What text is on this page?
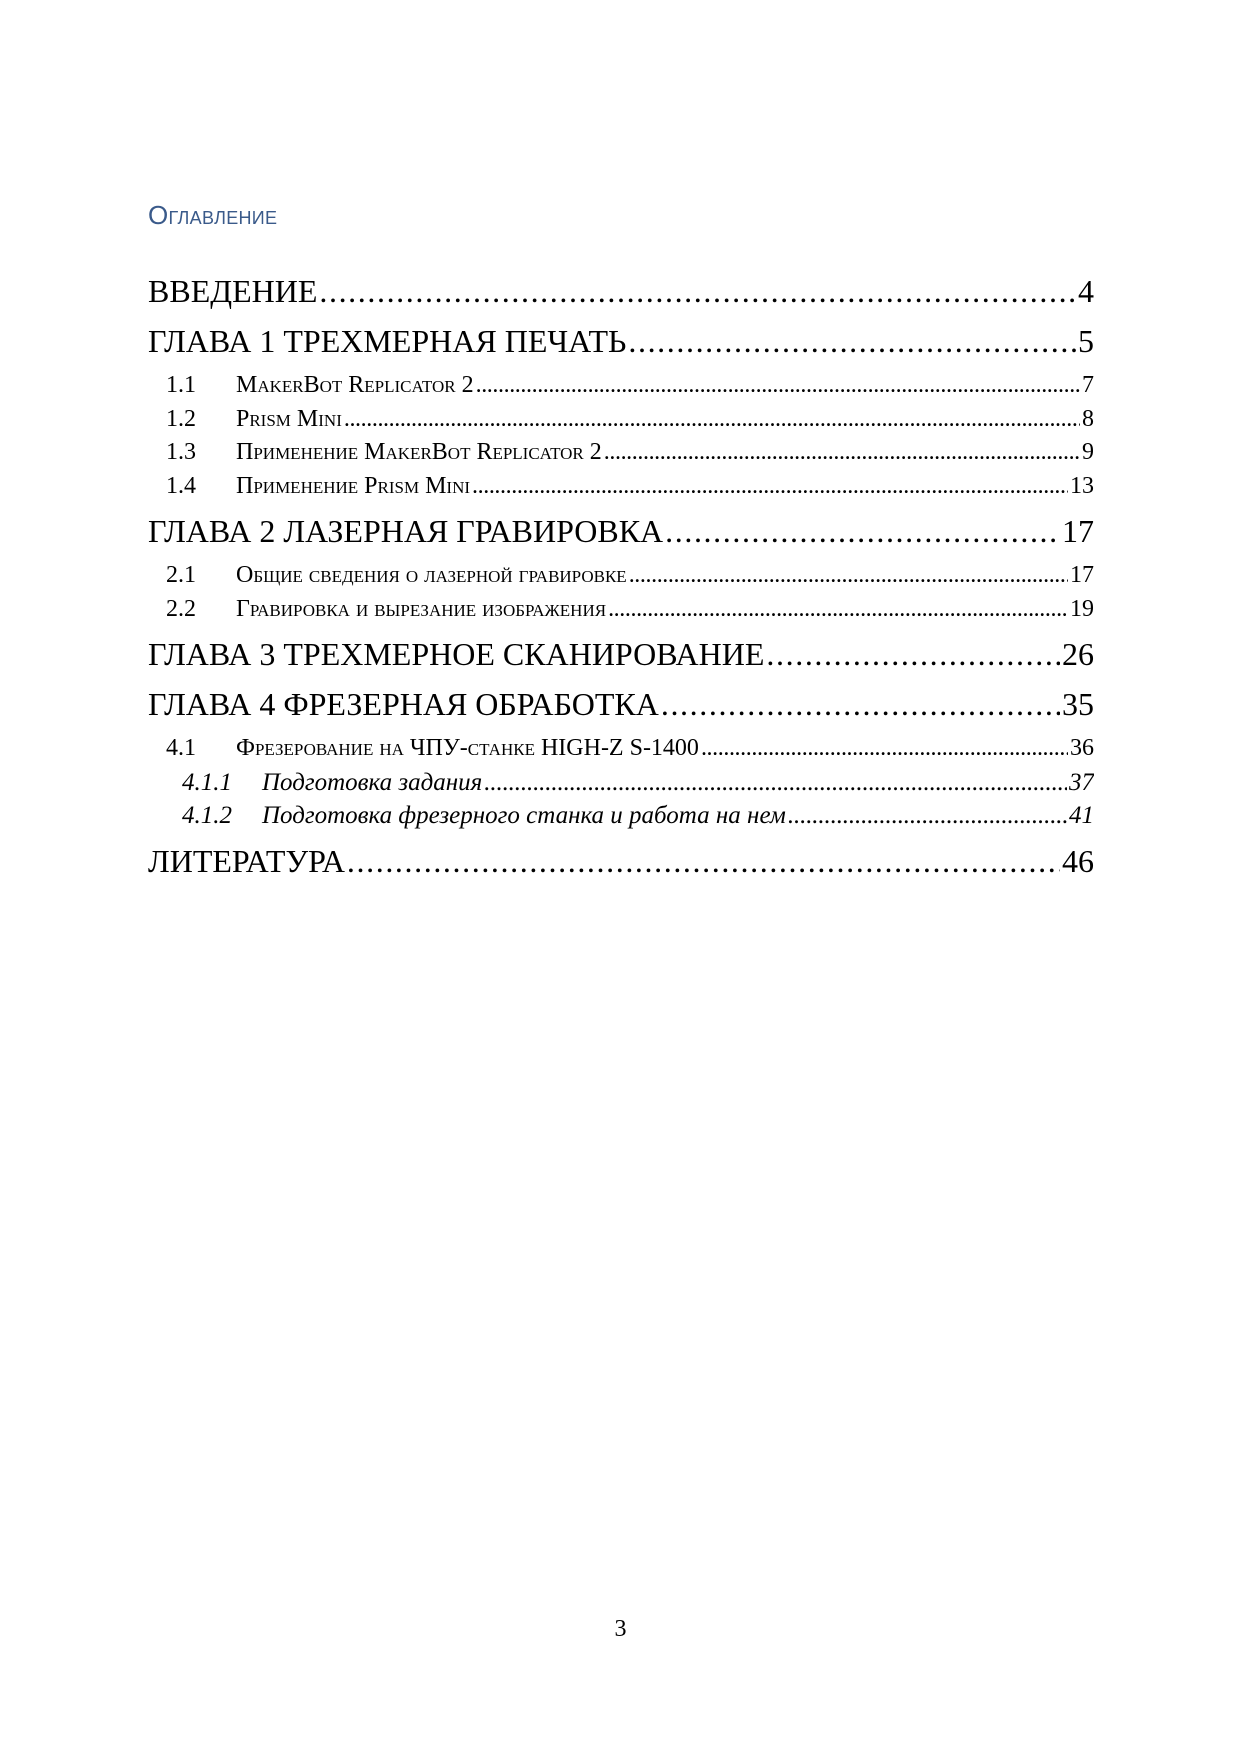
Оглавление
ВВЕДЕНИЕ . . .	4
ГЛАВА 1 ТРЕХМЕРНАЯ ПЕЧАТЬ . . .	5
1.1 MakerBot Replicator 2 . . .	7
1.2 Prism Mini . . .	8
1.3 Применение MakerBot Replicator 2 . . .	9
1.4 Применение Prism Mini . . .	13
ГЛАВА 2 ЛАЗЕРНАЯ ГРАВИРОВКА . . .	17
2.1 Общие сведения о лазерной гравировке . . .	17
2.2 Гравировка и вырезание изображения . . .	19
ГЛАВА 3 ТРЕХМЕРНОЕ СКАНИРОВАНИЕ . . .	26
ГЛАВА 4 ФРЕЗЕРНАЯ ОБРАБОТКА . . .	35
4.1 Фрезерование на ЧПУ-станке HIGH-Z S-1400 . . .	36
4.1.1 Подготовка задания . . .	37
4.1.2 Подготовка фрезерного станка и работа на нем . . .	41
ЛИТЕРАТУРА . . .	46
3
